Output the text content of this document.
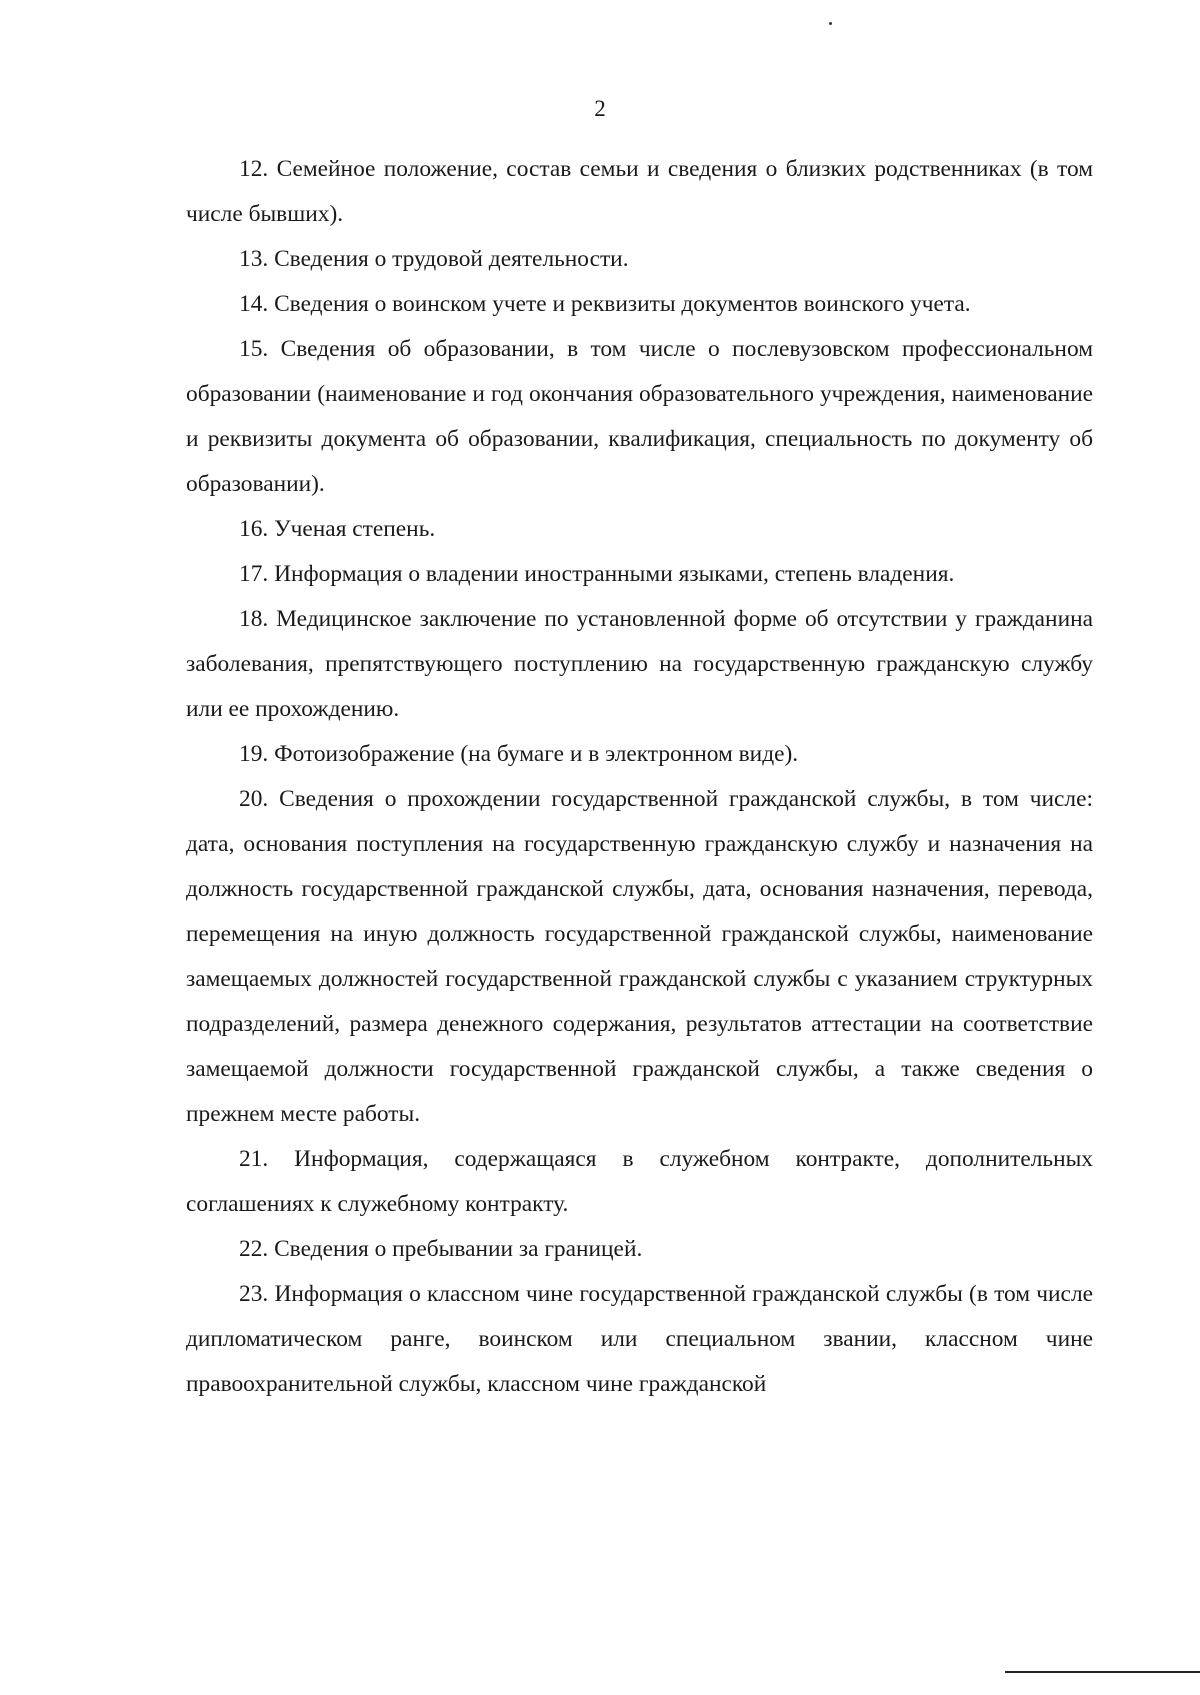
2

12. Семейное положение, состав семьи и сведения о близких родственниках (в том числе бывших).

13. Сведения о трудовой деятельности.

14. Сведения о воинском учете и реквизиты документов воинского учета.

15. Сведения об образовании, в том числе о послевузовском профессиональном образовании (наименование и год окончания образовательного учреждения, наименование и реквизиты документа об образовании, квалификация, специальность по документу об образовании).

16. Ученая степень.

17. Информация о владении иностранными языками, степень владения.

18. Медицинское заключение по установленной форме об отсутствии у гражданина заболевания, препятствующего поступлению на государственную гражданскую службу или ее прохождению.

19. Фотоизображение (на бумаге и в электронном виде).

20. Сведения о прохождении государственной гражданской службы, в том числе: дата, основания поступления на государственную гражданскую службу и назначения на должность государственной гражданской службы, дата, основания назначения, перевода, перемещения на иную должность государственной гражданской службы, наименование замещаемых должностей государственной гражданской службы с указанием структурных подразделений, размера денежного содержания, результатов аттестации на соответствие замещаемой должности государственной гражданской службы, а также сведения о прежнем месте работы.

21. Информация, содержащаяся в служебном контракте, дополнительных соглашениях к служебному контракту.

22. Сведения о пребывании за границей.

23. Информация о классном чине государственной гражданской службы (в том числе дипломатическом ранге, воинском или специальном звании, классном чине правоохранительной службы, классном чине гражданской
